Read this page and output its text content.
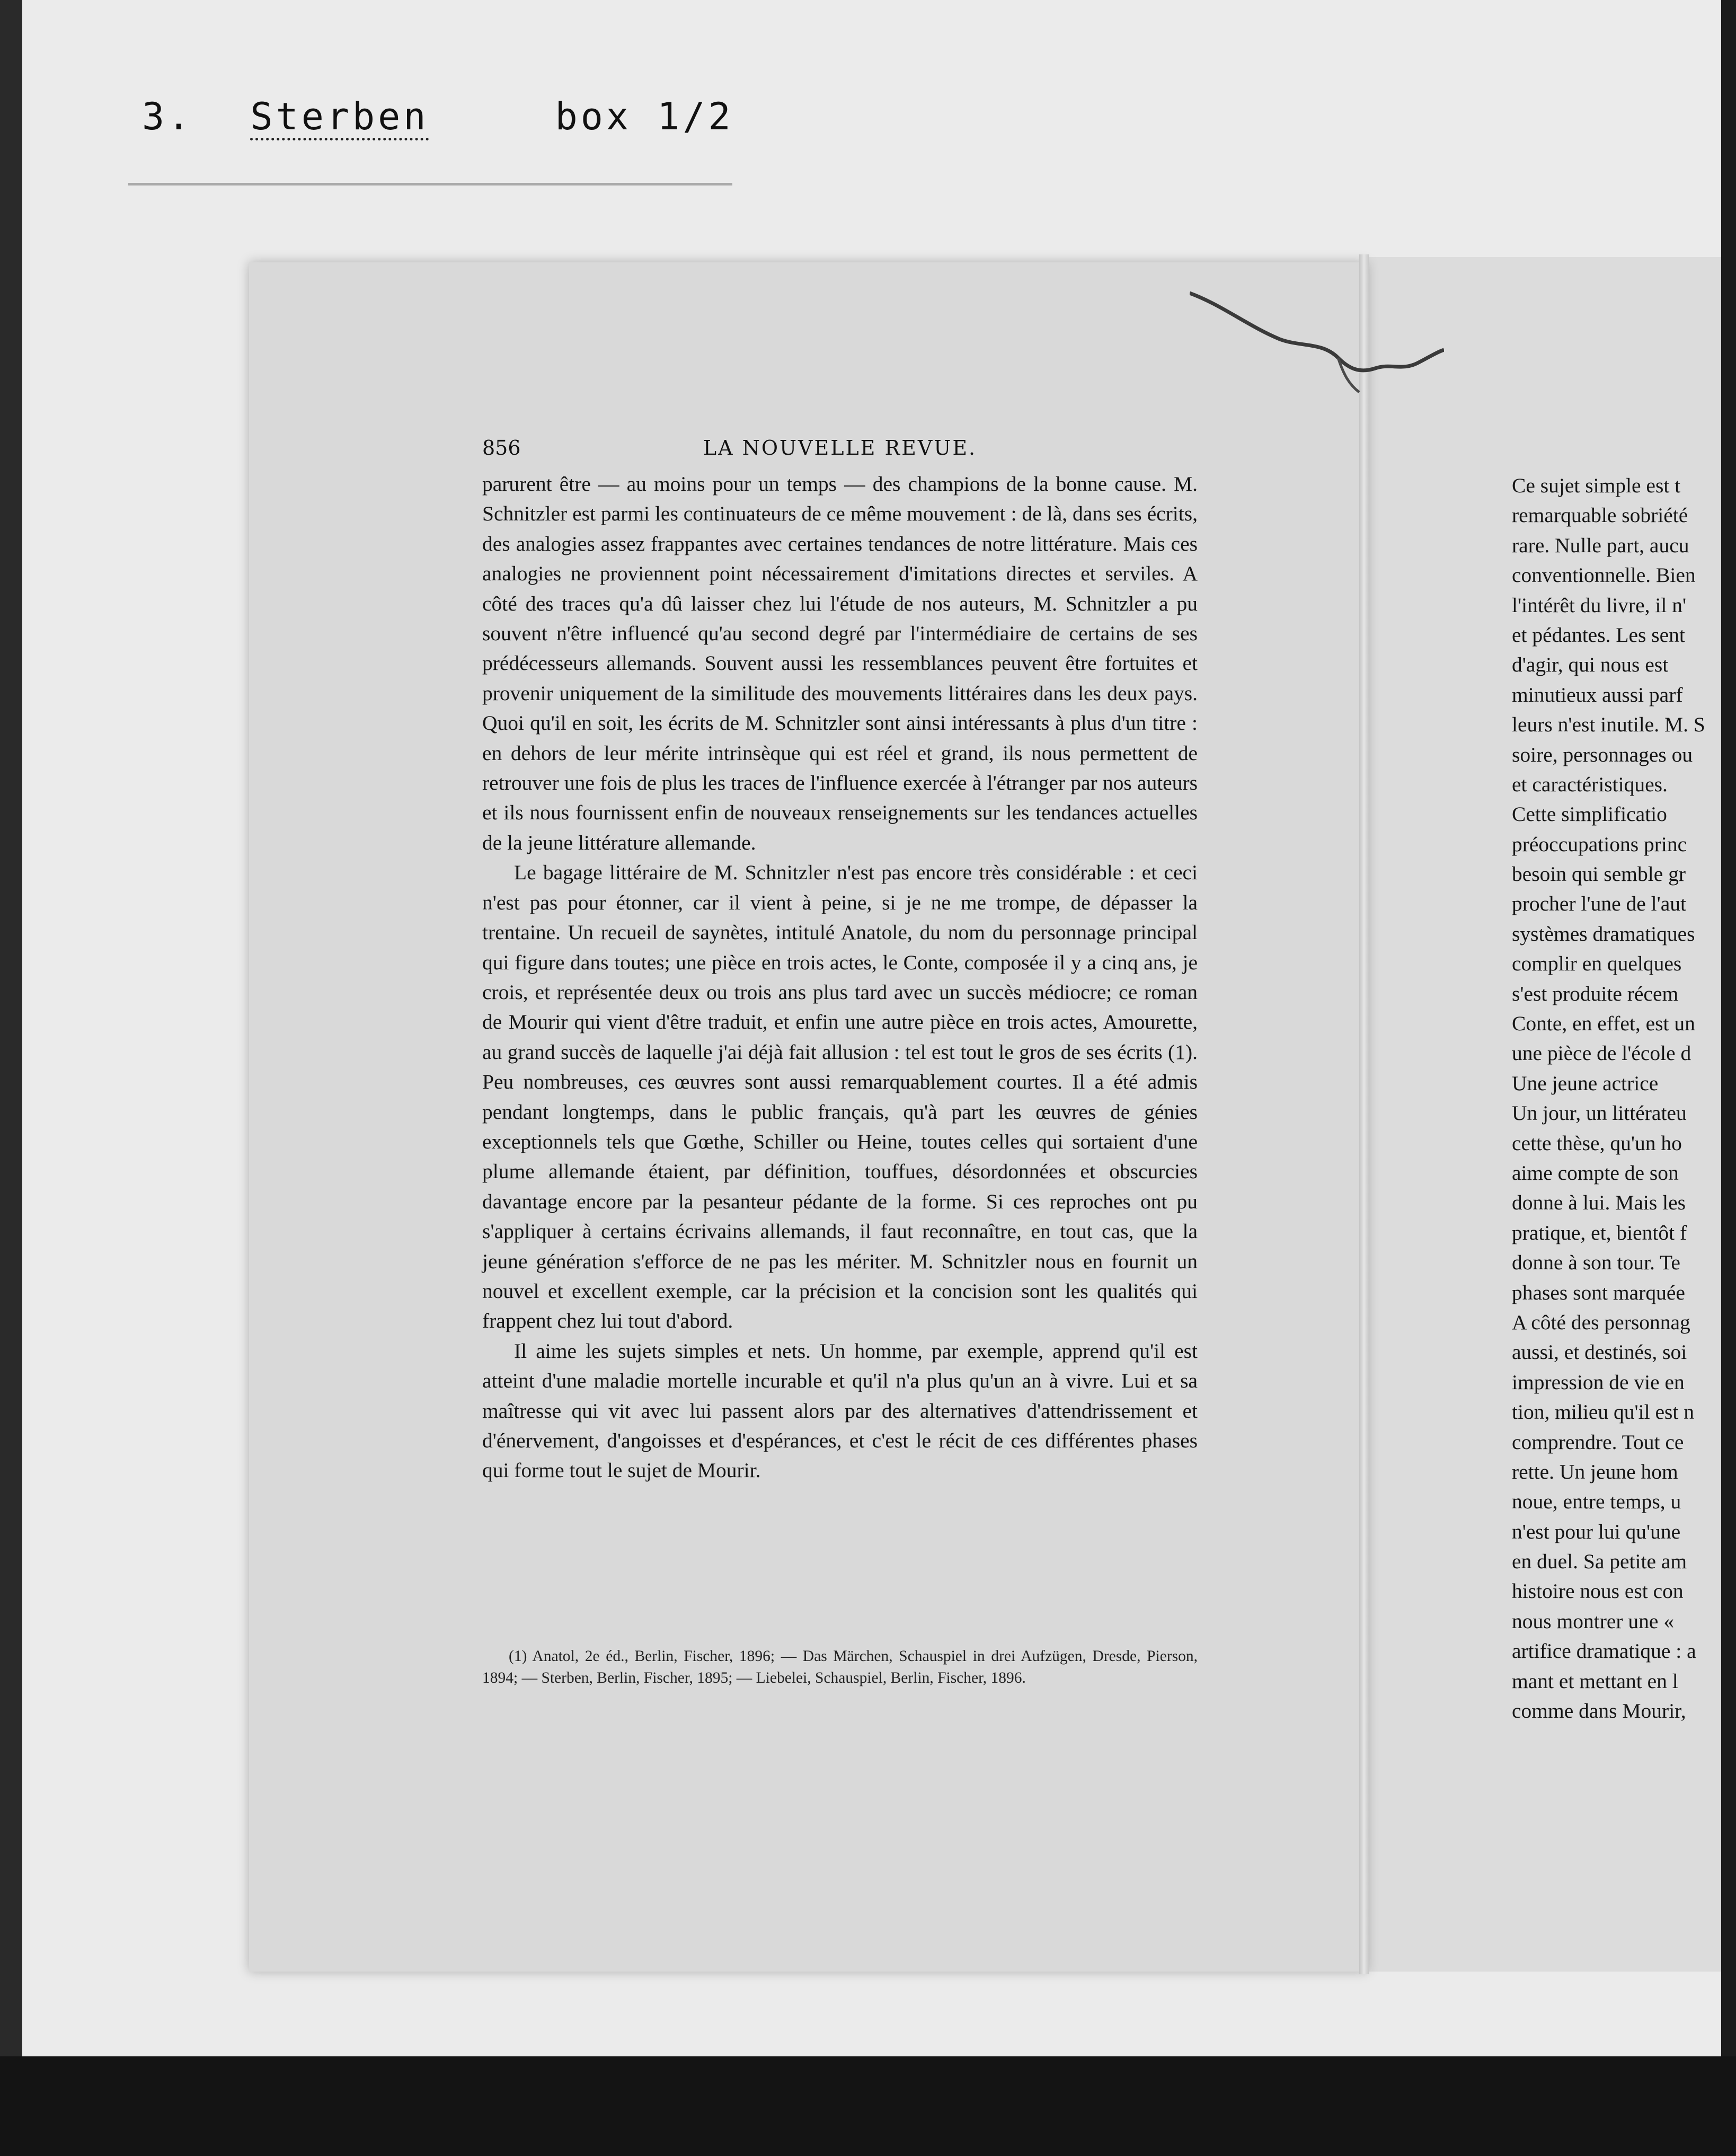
3. Sterben	box 1/2
856	LA NOUVELLE REVUE.

parurent être — au moins pour un temps — des champions de la bonne cause. M. Schnitzler est parmi les continuateurs de ce même mouvement : de là, dans ses écrits, des analogies assez frappantes avec certaines tendances de notre littérature. Mais ces analogies ne proviennent point nécessairement d'imitations directes et serviles. A côté des traces qu'a dû laisser chez lui l'étude de nos auteurs, M. Schnitzler a pu souvent n'être influencé qu'au second degré par l'intermédiaire de certains de ses prédécesseurs allemands. Souvent aussi les ressemblances peuvent être fortuites et provenir uniquement de la similitude des mouvements littéraires dans les deux pays. Quoi qu'il en soit, les écrits de M. Schnitzler sont ainsi intéressants à plus d'un titre : en dehors de leur mérite intrinsèque qui est réel et grand, ils nous permettent de retrouver une fois de plus les traces de l'influence exercée à l'étranger par nos auteurs et ils nous fournissent enfin de nouveaux renseignements sur les tendances actuelles de la jeune littérature allemande.

Le bagage littéraire de M. Schnitzler n'est pas encore très considérable : et ceci n'est pas pour étonner, car il vient à peine, si je ne me trompe, de dépasser la trentaine. Un recueil de saynètes, intitulé Anatole, du nom du personnage principal qui figure dans toutes; une pièce en trois actes, le Conte, composée il y a cinq ans, je crois, et représentée deux ou trois ans plus tard avec un succès médiocre; ce roman de Mourir qui vient d'être traduit, et enfin une autre pièce en trois actes, Amourette, au grand succès de laquelle j'ai déjà fait allusion : tel est tout le gros de ses écrits (1). Peu nombreuses, ces œuvres sont aussi remarquablement courtes. Il a été admis pendant longtemps, dans le public français, qu'à part les œuvres de génies exceptionnels tels que Gœthe, Schiller ou Heine, toutes celles qui sortaient d'une plume allemande étaient, par définition, touffues, désordonnées et obscurcies davantage encore par la pesanteur pédante de la forme. Si ces reproches ont pu s'appliquer à certains écrivains allemands, il faut reconnaître, en tout cas, que la jeune génération s'efforce de ne pas les mériter. M. Schnitzler nous en fournit un nouvel et excellent exemple, car la précision et la concision sont les qualités qui frappent chez lui tout d'abord.

Il aime les sujets simples et nets. Un homme, par exemple, apprend qu'il est atteint d'une maladie mortelle incurable et qu'il n'a plus qu'un an à vivre. Lui et sa maîtresse qui vit avec lui passent alors par des alternatives d'attendrissement et d'énervement, d'angoisses et d'espérances, et c'est le récit de ces différentes phases qui forme tout le sujet de Mourir.

(1) Anatol, 2e éd., Berlin, Fischer, 1896; — Das Märchen, Schauspiel in drei Aufzügen, Dresde, Pierson, 1894; — Sterben, Berlin, Fischer, 1895; — Liebelei, Schauspiel, Berlin, Fischer, 1896.
Ce sujet simple est t
remarquable sobriété
rare. Nulle part, aucu
conventionnelle. Bien
l'intérêt du livre, il n'
et pédantes. Les sent
d'agir, qui nous est
minutieux aussi parf
leurs n'est inutile. M. S
soire, personnages ou
et caractéristiques.
Cette simplificatio
préoccupations princ
besoin qui semble gr
procher l'une de l'aut
systèmes dramatiques
complir en quelques
s'est produite récem
Conte, en effet, est un
une pièce de l'école d
Une jeune actrice
Un jour, un littérateu
cette thèse, qu'un ho
aime compte de son
donne à lui. Mais les
pratique, et, bientôt f
donne à son tour. Te
phases sont marquée
A côté des personnag
aussi, et destinés, soi
impression de vie en
tion, milieu qu'il est n
comprendre. Tout ce
rette. Un jeune hom
noue, entre temps, u
n'est pour lui qu'une
en duel. Sa petite am
histoire nous est con
nous montrer une «
artifice dramatique : a
mant et mettant en l
comme dans Mourir,
